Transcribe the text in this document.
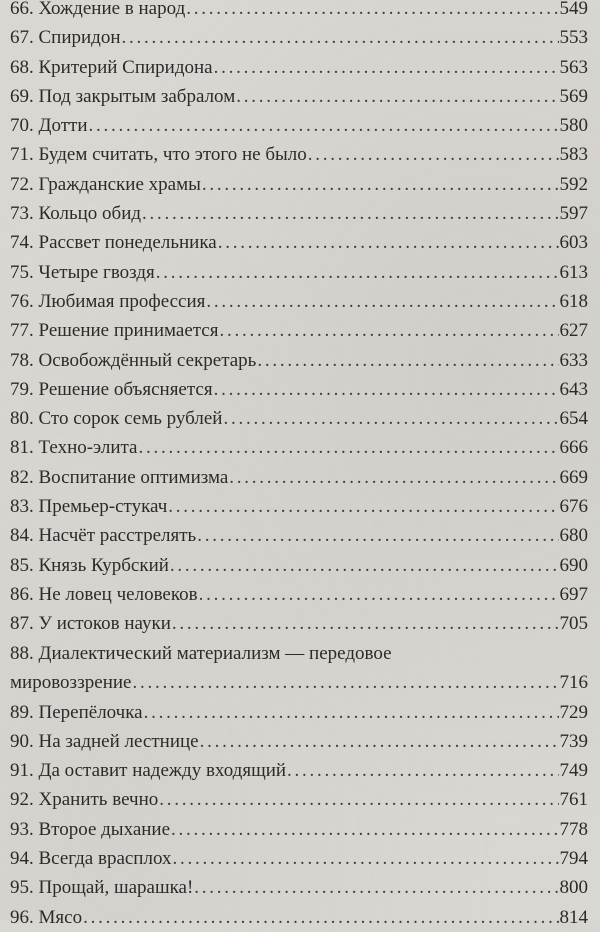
66. Хождение в народ . . .	549
67. Спиридон . . .	553
68. Критерий Спиридона . . .	563
69. Под закрытым забралом . . .	569
70. Дотти . . .	580
71. Будем считать, что этого не было . . .	583
72. Гражданские храмы . . .	592
73. Кольцо обид . . .	597
74. Рассвет понедельника . . .	603
75. Четыре гвоздя . . .	613
76. Любимая профессия . . .	618
77. Решение принимается . . .	627
78. Освобождённый секретарь . . .	633
79. Решение объясняется . . .	643
80. Сто сорок семь рублей . . .	654
81. Техно-элита . . .	666
82. Воспитание оптимизма . . .	669
83. Премьер-стукач . . .	676
84. Насчёт расстрелять . . .	680
85. Князь Курбский . . .	690
86. Не ловец человеков . . .	697
87. У истоков науки . . .	705
88. Диалектический материализм — передовое
мировоззрение . . .	716
89. Перепёлочка . . .	729
90. На задней лестнице . . .	739
91. Да оставит надежду входящий . . .	749
92. Хранить вечно . . .	761
93. Второе дыхание . . .	778
94. Всегда врасплох . . .	794
95. Прощай, шарашка! . . .	800
96. Мясо . . .	814
